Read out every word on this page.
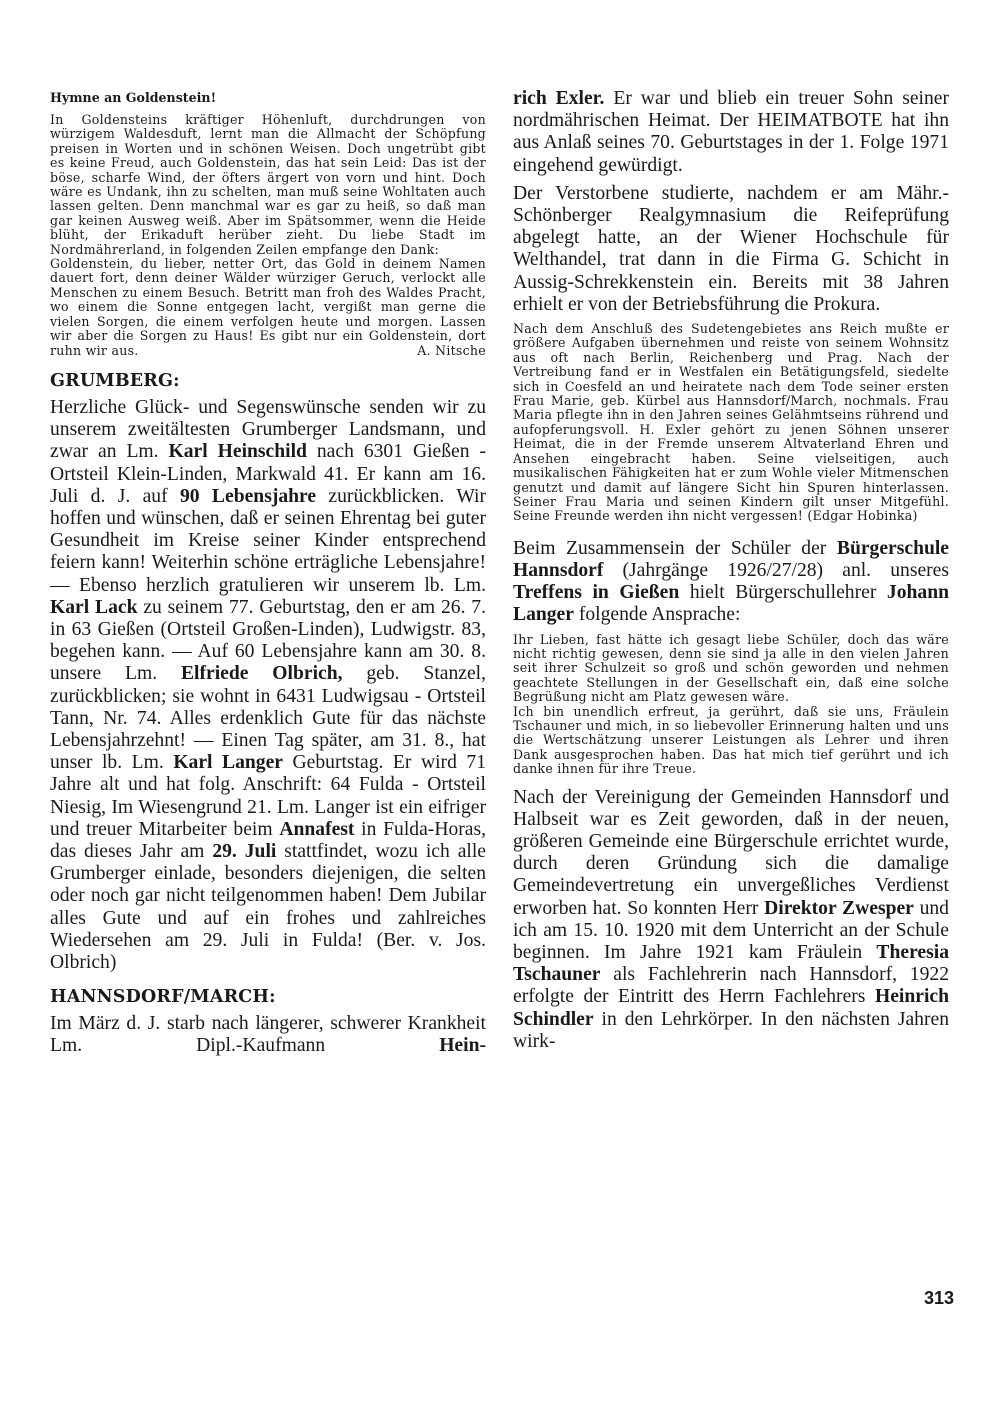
Hymne an Goldenstein!

In Goldensteins kräftiger Höhenluft, durchdrungen von würzigem Waldesduft, lernt man die Allmacht der Schöpfung preisen in Worten und in schönen Weisen. Doch ungetrübt gibt es keine Freud, auch Goldenstein, das hat sein Leid: Das ist der böse, scharfe Wind, der öfters ärgert von vorn und hint. Doch wäre es Undank, ihn zu schelten, man muß seine Wohltaten auch lassen gelten. Denn manchmal war es gar zu heiß, so daß man gar keinen Ausweg weiß. Aber im Spätsommer, wenn die Heide blüht, der Erikaduft herüber zieht. Du liebe Stadt im Nordmährerland, in folgenden Zeilen empfange den Dank:

Goldenstein, du lieber, netter Ort, das Gold in deinem Namen dauert fort, denn deiner Wälder würziger Geruch, verlockt alle Menschen zu einem Besuch. Betritt man froh des Waldes Pracht, wo einem die Sonne entgegen lacht, vergißt man gerne die vielen Sorgen, die einem verfolgen heute und morgen. Lassen wir aber die Sorgen zu Haus! Es gibt nur ein Goldenstein, dort ruhn wir aus.	A. Nitsche

GRUMBERG:

Herzliche Glück- und Segenswünsche senden wir zu unserem zweitältesten Grumberger Landsmann, und zwar an Lm. Karl Heinschild nach 6301 Gießen - Ortsteil Klein-Linden, Markwald 41. Er kann am 16. Juli d. J. auf 90 Lebensjahre zurückblicken. Wir hoffen und wünschen, daß er seinen Ehrentag bei guter Gesundheit im Kreise seiner Kinder entsprechend feiern kann! Weiterhin schöne erträgliche Lebensjahre! — Ebenso herzlich gratulieren wir unserem lb. Lm. Karl Lack zu seinem 77. Geburtstag, den er am 26. 7. in 63 Gießen (Ortsteil Großen-Linden), Ludwigstr. 83, begehen kann. — Auf 60 Lebensjahre kann am 30. 8. unsere Lm. Elfriede Olbrich, geb. Stanzel, zurückblicken; sie wohnt in 6431 Ludwigsau - Ortsteil Tann, Nr. 74. Alles erdenklich Gute für das nächste Lebensjahrzehnt! — Einen Tag später, am 31. 8., hat unser lb. Lm. Karl Langer Geburtstag. Er wird 71 Jahre alt und hat folg. Anschrift: 64 Fulda - Ortsteil Niesig, Im Wiesengrund 21. Lm. Langer ist ein eifriger und treuer Mitarbeiter beim Annafest in Fulda-Horas, das dieses Jahr am 29. Juli stattfindet, wozu ich alle Grumberger einlade, besonders diejenigen, die selten oder noch gar nicht teilgenommen haben! Dem Jubilar alles Gute und auf ein frohes und zahlreiches Wiedersehen am 29. Juli in Fulda! (Ber. v. Jos. Olbrich)

HANNSDORF/MARCH:

Im März d. J. starb nach längerer, schwerer Krankheit Lm. Dipl.-Kaufmann Hein-

rich Exler. Er war und blieb ein treuer Sohn seiner nordmährischen Heimat. Der HEIMATBOTE hat ihn aus Anlaß seines 70. Geburtstages in der 1. Folge 1971 eingehend gewürdigt.

Der Verstorbene studierte, nachdem er am Mähr.-Schönberger Realgymnasium die Reifeprüfung abgelegt hatte, an der Wiener Hochschule für Welthandel, trat dann in die Firma G. Schicht in Aussig-Schrekkenstein ein. Bereits mit 38 Jahren erhielt er von der Betriebsführung die Prokura.

Nach dem Anschluß des Sudetengebietes ans Reich mußte er größere Aufgaben übernehmen und reiste von seinem Wohnsitz aus oft nach Berlin, Reichenberg und Prag. Nach der Vertreibung fand er in Westfalen ein Betätigungsfeld, siedelte sich in Coesfeld an und heiratete nach dem Tode seiner ersten Frau Marie, geb. Kürbel aus Hannsdorf/March, nochmals. Frau Maria pflegte ihn in den Jahren seines Gelähmtseins rührend und aufopferungsvoll. H. Exler gehört zu jenen Söhnen unserer Heimat, die in der Fremde unserem Altvaterland Ehren und Ansehen eingebracht haben. Seine vielseitigen, auch musikalischen Fähigkeiten hat er zum Wohle vieler Mitmenschen genutzt und damit auf längere Sicht hin Spuren hinterlassen. Seiner Frau Maria und seinen Kindern gilt unser Mitgefühl. Seine Freunde werden ihn nicht vergessen! (Edgar Hobinka)

Beim Zusammensein der Schüler der Bürgerschule Hannsdorf (Jahrgänge 1926/27/28) anl. unseres Treffens in Gießen hielt Bürgerschullehrer Johann Langer folgende Ansprache:

Ihr Lieben, fast hätte ich gesagt liebe Schüler, doch das wäre nicht richtig gewesen, denn sie sind ja alle in den vielen Jahren seit ihrer Schulzeit so groß und schön geworden und nehmen geachtete Stellungen in der Gesellschaft ein, daß eine solche Begrüßung nicht am Platz gewesen wäre.

Ich bin unendlich erfreut, ja gerührt, daß sie uns, Fräulein Tschauner und mich, in so liebevoller Erinnerung halten und uns die Wertschätzung unserer Leistungen als Lehrer und ihren Dank ausgesprochen haben. Das hat mich tief gerührt und ich danke ihnen für ihre Treue.

Nach der Vereinigung der Gemeinden Hannsdorf und Halbseit war es Zeit geworden, daß in der neuen, größeren Gemeinde eine Bürgerschule errichtet wurde, durch deren Gründung sich die damalige Gemeindevertretung ein unvergeßliches Verdienst erworben hat. So konnten Herr Direktor Zwesper und ich am 15. 10. 1920 mit dem Unterricht an der Schule beginnen. Im Jahre 1921 kam Fräulein Theresia Tschauner als Fachlehrerin nach Hannsdorf, 1922 erfolgte der Eintritt des Herrn Fachlehrers Heinrich Schindler in den Lehrkörper. In den nächsten Jahren wirk-

313
